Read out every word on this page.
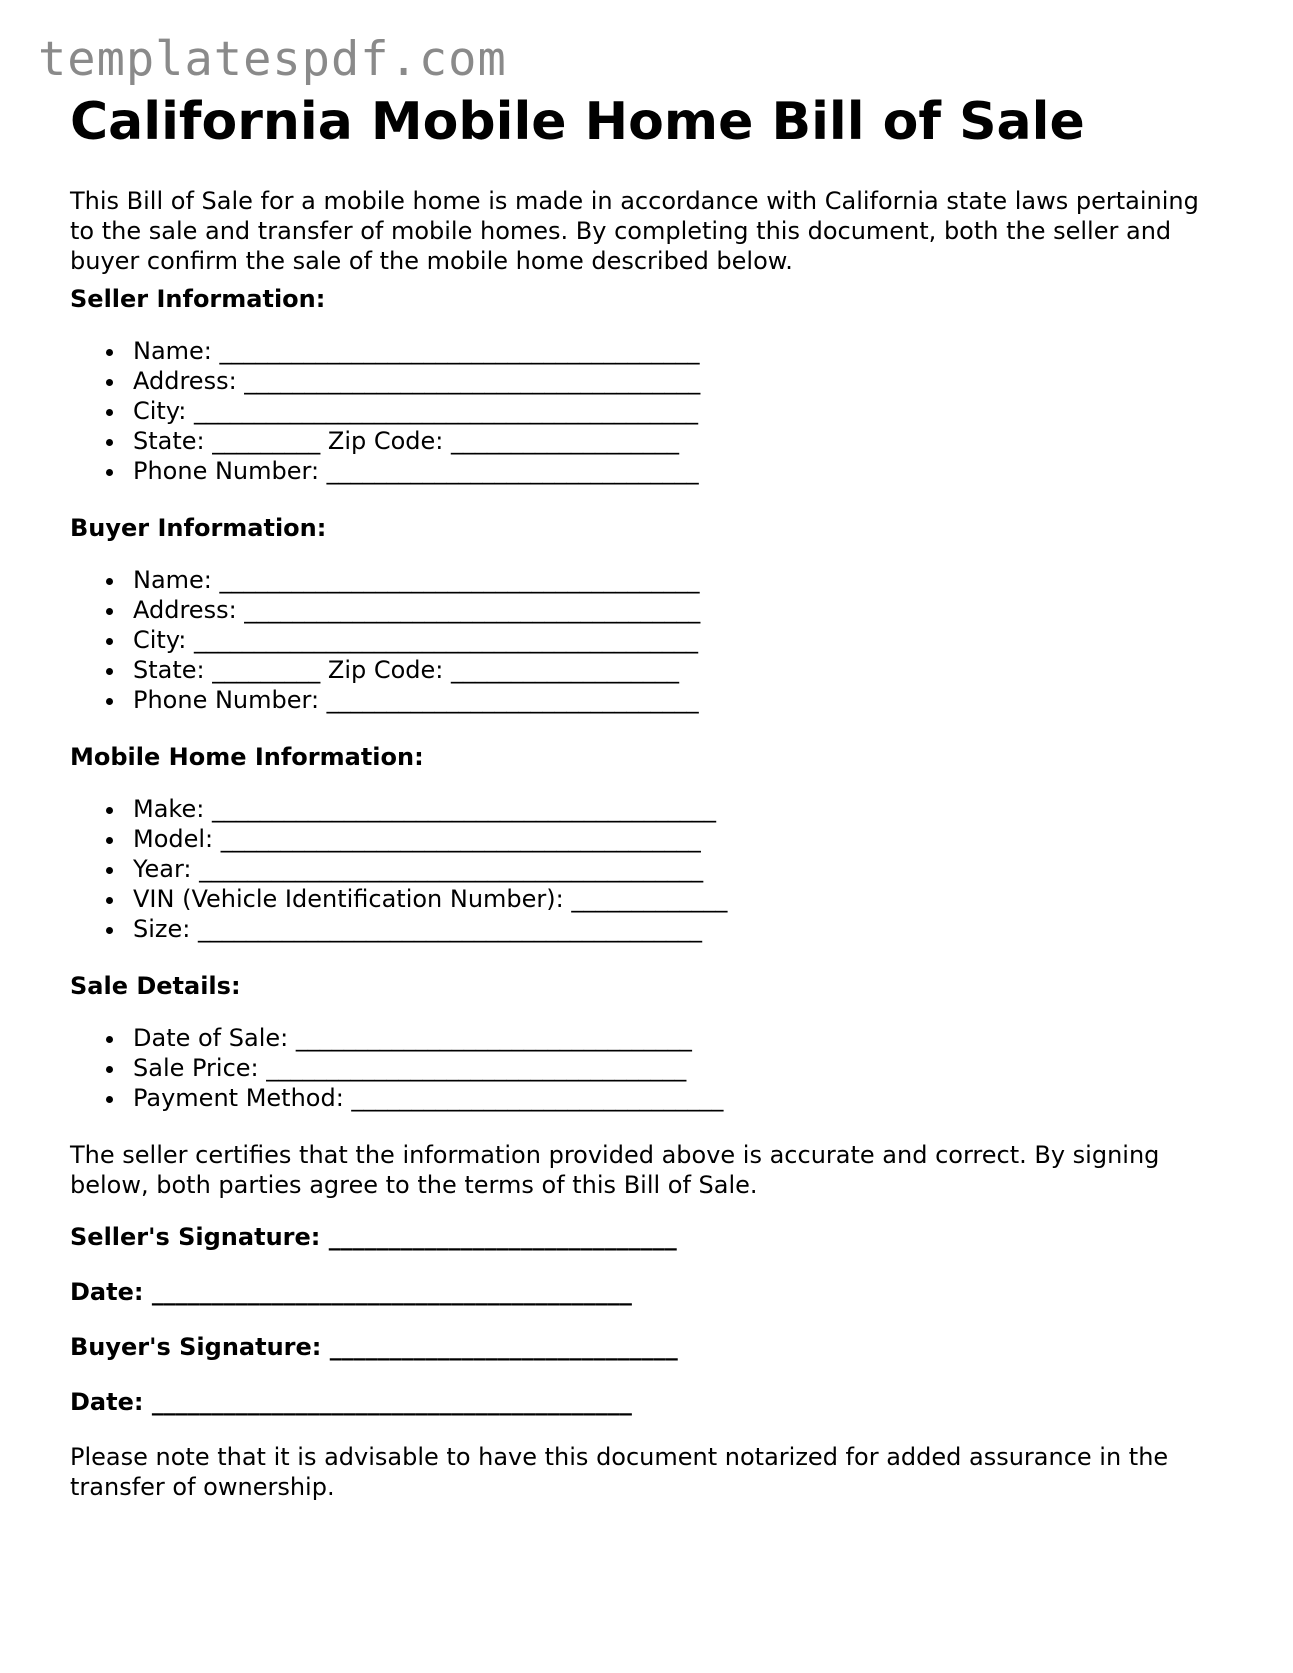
templatespdf.com
California Mobile Home Bill of Sale

This Bill of Sale for a mobile home is made in accordance with California state laws pertaining to the sale and transfer of mobile homes. By completing this document, both the seller and buyer confirm the sale of the mobile home described below.

Seller Information:

Name: ________________________________________
Address: ______________________________________
City: __________________________________________
State: _________ Zip Code: ___________________
Phone Number: _______________________________

Buyer Information:

Name: ________________________________________
Address: ______________________________________
City: __________________________________________
State: _________ Zip Code: ___________________
Phone Number: _______________________________

Mobile Home Information:

Make: __________________________________________
Model: ________________________________________
Year: __________________________________________
VIN (Vehicle Identification Number): _____________
Size: __________________________________________

Sale Details:

Date of Sale: _________________________________
Sale Price: ___________________________________
Payment Method: _______________________________

The seller certifies that the information provided above is accurate and correct. By signing below, both parties agree to the terms of this Bill of Sale.

Seller's Signature: _____________________________

Date: ________________________________________

Buyer's Signature: _____________________________

Date: ________________________________________

Please note that it is advisable to have this document notarized for added assurance in the transfer of ownership.
